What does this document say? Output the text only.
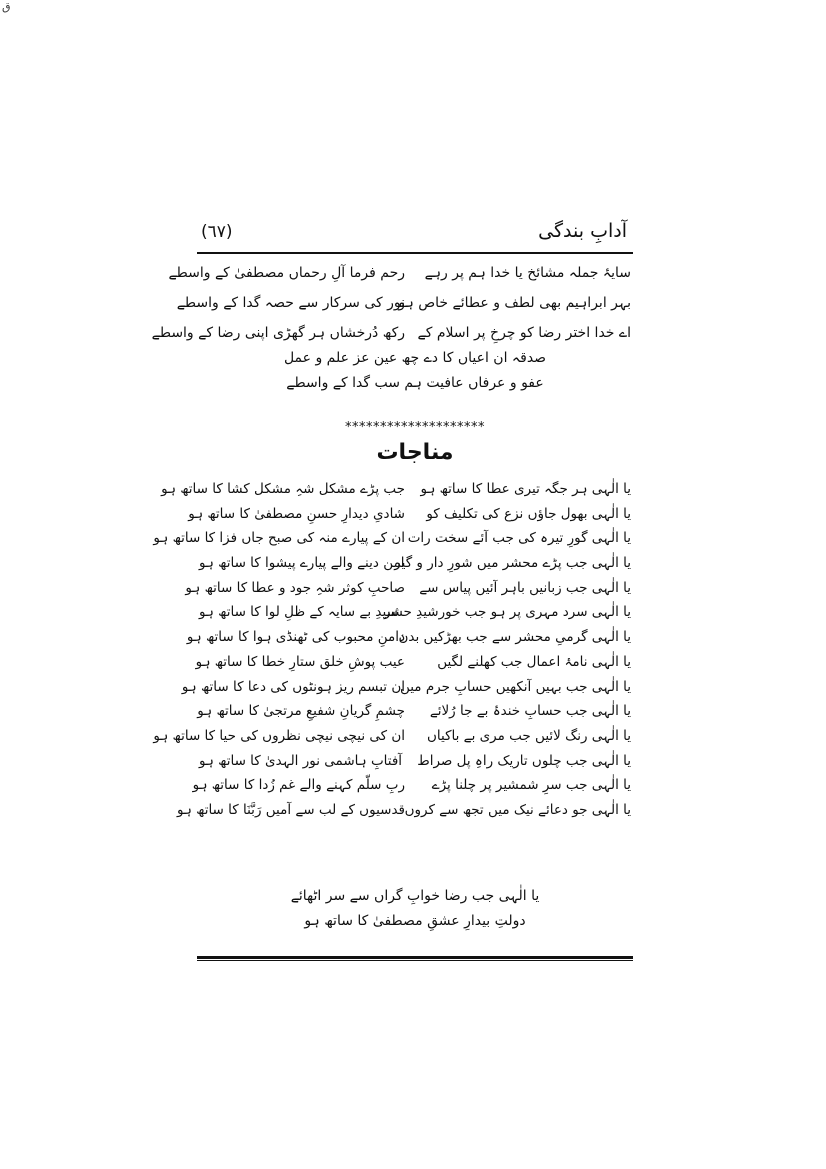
ق
آدابِ بندگی
(٦٧)
سایۂ جملہ مشائخ یا خدا ہم پر رہے
رحم فرما آلِ رحماں مصطفیٰ کے واسطے
بہر ابراہیم بھی لطف و عطائے خاص ہو
نور کی سرکار سے حصہ گدا کے واسطے
اے خدا اختر رضا کو چرخِ پر اسلام کے
رکھ دُرخشاں ہر گھڑی اپنی رضا کے واسطے
صدقہ ان اعیاں کا دے چھ عین عز علم و عمل
عفو و عرفاں عافیت ہم سب گدا کے واسطے
********************
مناجات
یا الٰہی ہر جگہ تیری عطا کا ساتھ ہو
جب پڑے مشکل شہِ مشکل کشا کا ساتھ ہو
یا الٰہی بھول جاؤں نزع کی تکلیف کو
شادیِ دیدارِ حسنِ مصطفیٰ کا ساتھ ہو
یا الٰہی گورِ تیرہ کی جب آئے سخت رات
ان کے پیارے منہ کی صبح جاں فزا کا ساتھ ہو
یا الٰہی جب پڑے محشر میں شورِ دار و گیر
امن دینے والے پیارے پیشوا کا ساتھ ہو
یا الٰہی جب زبانیں باہر آئیں پیاس سے
صاحبِ کوثر شہِ جود و عطا کا ساتھ ہو
یا الٰہی سرد مہری پر ہو جب خورشیدِ حشر
سیدِ بے سایہ کے ظلِ لوا کا ساتھ ہو
یا الٰہی گرمیِ محشر سے جب بھڑکیں بدن
دامنِ محبوب کی ٹھنڈی ہوا کا ساتھ ہو
یا الٰہی نامۂ اعمال جب کھلنے لگیں
عیب پوشِ خلق ستارِ خطا کا ساتھ ہو
یا الٰہی جب بہیں آنکھیں حسابِ جرم میں
ان تبسم ریز ہونٹوں کی دعا کا ساتھ ہو
یا الٰہی جب حسابِ خندۂ بے جا رُلائے
چشمِ گریانِ شفیعِ مرتجیٰ کا ساتھ ہو
یا الٰہی رنگ لائیں جب مری بے باکیاں
ان کی نیچی نیچی نظروں کی حیا کا ساتھ ہو
یا الٰہی جب چلوں تاریک راہِ پل صراط
آفتابِ ہاشمی نور الہدیٰ کا ساتھ ہو
یا الٰہی جب سرِ شمشیر پر چلنا پڑے
ربِ سلّم کہنے والے غم زُدا کا ساتھ ہو
یا الٰہی جو دعائے نیک میں تجھ سے کروں
قدسیوں کے لب سے آمیں رَبَّنَا کا ساتھ ہو
یا الٰہی جب رضا خوابِ گراں سے سر اٹھائے
دولتِ بیدارِ عشقِ مصطفیٰ کا ساتھ ہو
